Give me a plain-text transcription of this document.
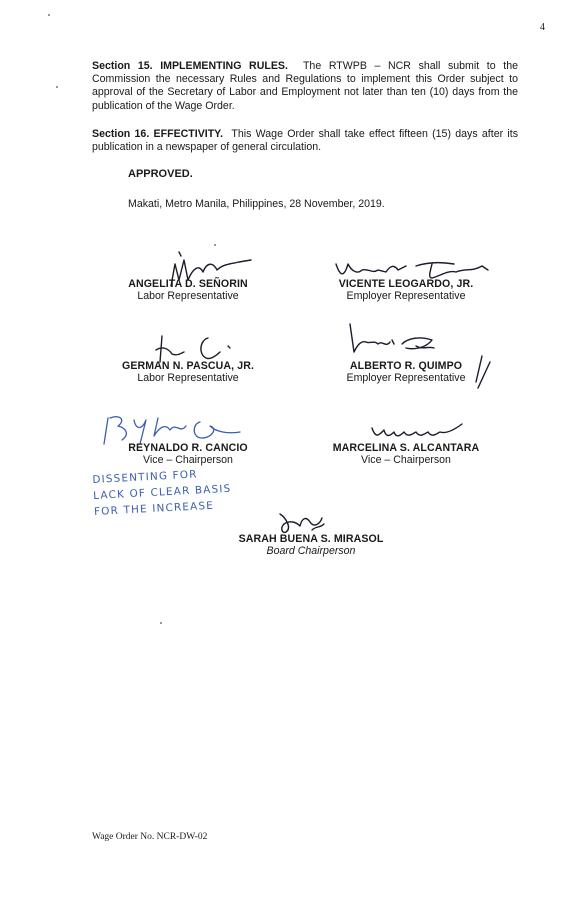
4
Section 15. IMPLEMENTING RULES. The RTWPB – NCR shall submit to the Commission the necessary Rules and Regulations to implement this Order subject to approval of the Secretary of Labor and Employment not later than ten (10) days from the publication of the Wage Order.
Section 16. EFFECTIVITY. This Wage Order shall take effect fifteen (15) days after its publication in a newspaper of general circulation.
APPROVED.
Makati, Metro Manila, Philippines, 28 November, 2019.
ANGELITA D. SEÑORIN
Labor Representative
VICENTE LEOGARDO, JR.
Employer Representative
GERMAN N. PASCUA, JR.
Labor Representative
ALBERTO R. QUIMPO
Employer Representative
REYNALDO R. CANCIO
Vice – Chairperson
MARCELINA S. ALCANTARA
Vice – Chairperson
SARAH BUENA S. MIRASOL
Board Chairperson
DISSENTING FOR
LACK OF CLEAR BASIS
FOR THE INCREASE
Wage Order No. NCR-DW-02
